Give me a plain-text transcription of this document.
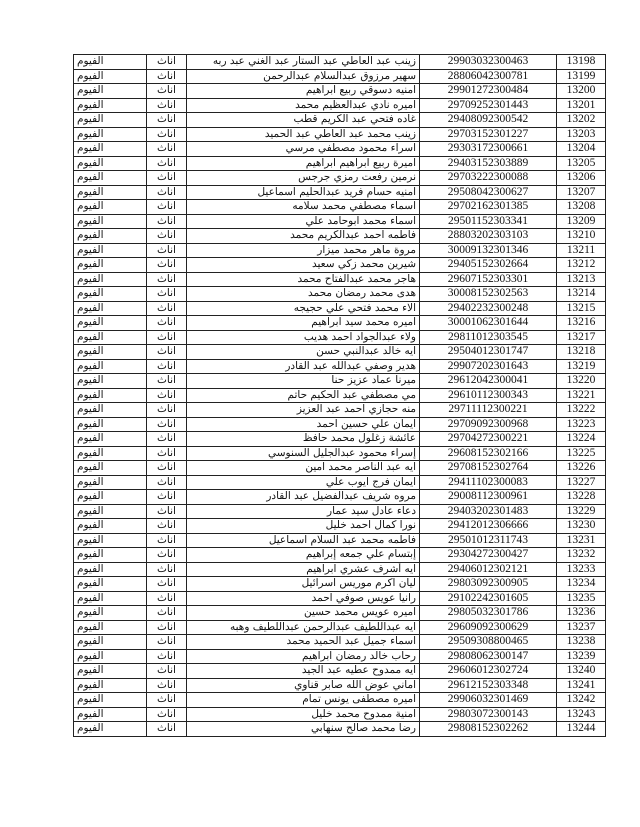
الفيوم	اناث	زينب عبد العاطي عبد الستار عبد الغني عبد ربه	29903032300463	13198
الفيوم	اناث	سهير مرزوق عبدالسلام عبدالرحمن	28806042300781	13199
الفيوم	اناث	امنيه دسوقي ربيع ابراهيم	29901272300484	13200
الفيوم	اناث	اميره نادي عبدالعظيم محمد	29709252301443	13201
الفيوم	اناث	غاده فتحي عبد الكريم قطب	29408092300542	13202
الفيوم	اناث	زينب محمد عبد العاطي عبد الحميد	29703152301227	13203
الفيوم	اناث	اسراء محمود مصطفي مرسي	29303172300661	13204
الفيوم	اناث	اميرة ربيع ابراهيم ابراهيم	29403152303889	13205
الفيوم	اناث	نرمين رفعت رمزي جرجس	29703222300088	13206
الفيوم	اناث	امنيه حسام فريد عبدالحليم اسماعيل	29508042300627	13207
الفيوم	اناث	اسماء مصطفي محمد سلامه	29702162301385	13208
الفيوم	اناث	اسماء محمد ابوحامد علي	29501152303341	13209
الفيوم	اناث	فاطمه احمد عبدالكريم محمد	28803202303103	13210
الفيوم	اناث	مروة ماهر محمد ميزار	30009132301346	13211
الفيوم	اناث	شيرين محمد زكي سعيد	29405152302664	13212
الفيوم	اناث	هاجر محمد عبدالفتاح محمد	29607152303301	13213
الفيوم	اناث	هدى محمد رمضان محمد	30008152302563	13214
الفيوم	اناث	الاء محمد فتحي علي حجيجه	29402232300248	13215
الفيوم	اناث	اميره محمد سيد ابراهيم	30001062301644	13216
الفيوم	اناث	ولاء عبدالجواد احمد هديب	29811012303545	13217
الفيوم	اناث	ايه خالد عبدالنبي حسن	29504012301747	13218
الفيوم	اناث	هدير وصفي عبدالله عبد القادر	29907202301643	13219
الفيوم	اناث	ميرنا عماد عزيز حنا	29612042300041	13220
الفيوم	اناث	مي مصطفي عبد الحكيم حاتم	29610112300343	13221
الفيوم	اناث	منه حجازي احمد عبد العزيز	29711112300221	13222
الفيوم	اناث	ايمان علي حسين احمد	29709092300968	13223
الفيوم	اناث	عائشة زغلول محمد حافظ	29704272300221	13224
الفيوم	اناث	إسراء محمود عبدالجليل السنوسي	29608152302166	13225
الفيوم	اناث	ايه عبد الناصر محمد امين	29708152302764	13226
الفيوم	اناث	ايمان فرج ايوب علي	29411102300083	13227
الفيوم	اناث	مروه شريف عبدالفضيل عبد القادر	29008112300961	13228
الفيوم	اناث	دعاء عادل سيد عمار	29403202301483	13229
الفيوم	اناث	نورا كمال احمد خليل	29412012306666	13230
الفيوم	اناث	فاطمه محمد عبد السلام اسماعيل	29501012311743	13231
الفيوم	اناث	إبتسام علي جمعه إبراهيم	29304272300427	13232
الفيوم	اناث	ايه أشرف عشري ابراهيم	29406012302121	13233
الفيوم	اناث	ليان اكرم موريس اسرائيل	29803092300905	13234
الفيوم	اناث	رانيا عويس صوفي احمد	29102242301605	13235
الفيوم	اناث	اميره عويس محمد حسين	29805032301786	13236
الفيوم	اناث	ايه عبداللطيف عبدالرحمن عبداللطيف وهبه	29609092300629	13237
الفيوم	اناث	اسماء جميل عبد الحميد محمد	29509308800465	13238
الفيوم	اناث	رحاب خالد رمضان ابراهيم	29808062300147	13239
الفيوم	اناث	ايه ممدوح عطيه عبد الجيد	29606012302724	13240
الفيوم	اناث	اماني عوض الله صابر قناوي	29612152303348	13241
الفيوم	اناث	اميره مصطفى يونس تمام	29906032301469	13242
الفيوم	اناث	امنية ممدوح محمد خليل	29803072300143	13243
الفيوم	اناث	رضا محمد صالح سنهابي	29808152302262	13244
